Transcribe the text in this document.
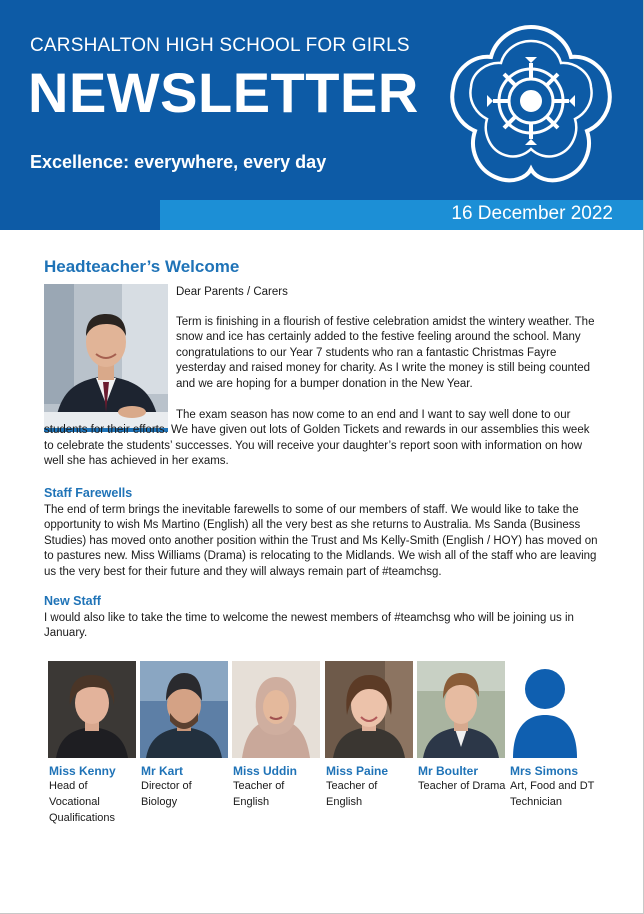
CARSHALTON HIGH SCHOOL FOR GIRLS
NEWSLETTER
Excellence: everywhere, every day
16 December 2022
Headteacher’s Welcome
Dear Parents / Carers
Term is finishing in a flourish of festive celebration amidst the wintery weather. The snow and ice has certainly added to the festive feeling around the school. Many congratulations to our Year 7 students who ran a fantastic Christmas Fayre yesterday and raised money for charity. As I write the money is still being counted and we are hoping for a bumper donation in the New Year.
The exam season has now come to an end and I want to say well done to our students for their efforts. We have given out lots of Golden Tickets and rewards in our assemblies this week to celebrate the students’ successes. You will receive your daughter’s report soon with information on how well she has achieved in her exams.
Staff Farewells
The end of term brings the inevitable farewells to some of our members of staff. We would like to take the opportunity to wish Ms Martino (English) all the very best as she returns to Australia. Ms Sanda (Business Studies) has moved onto another position within the Trust and Ms Kelly-Smith (English / HOY) has moved on to pastures new. Miss Williams (Drama) is relocating to the Midlands. We wish all of the staff who are leaving us the very best for their future and they will always remain part of #teamchsg.
New Staff
I would also like to take the time to welcome the newest members of #teamchsg who will be joining us in January.
Miss Kenny
Head of Vocational Qualifications
Mr Kart
Director of Biology
Miss Uddin
Teacher of English
Miss Paine
Teacher of English
Mr Boulter
Teacher of Drama
Mrs Simons
Art, Food and DT Technician
